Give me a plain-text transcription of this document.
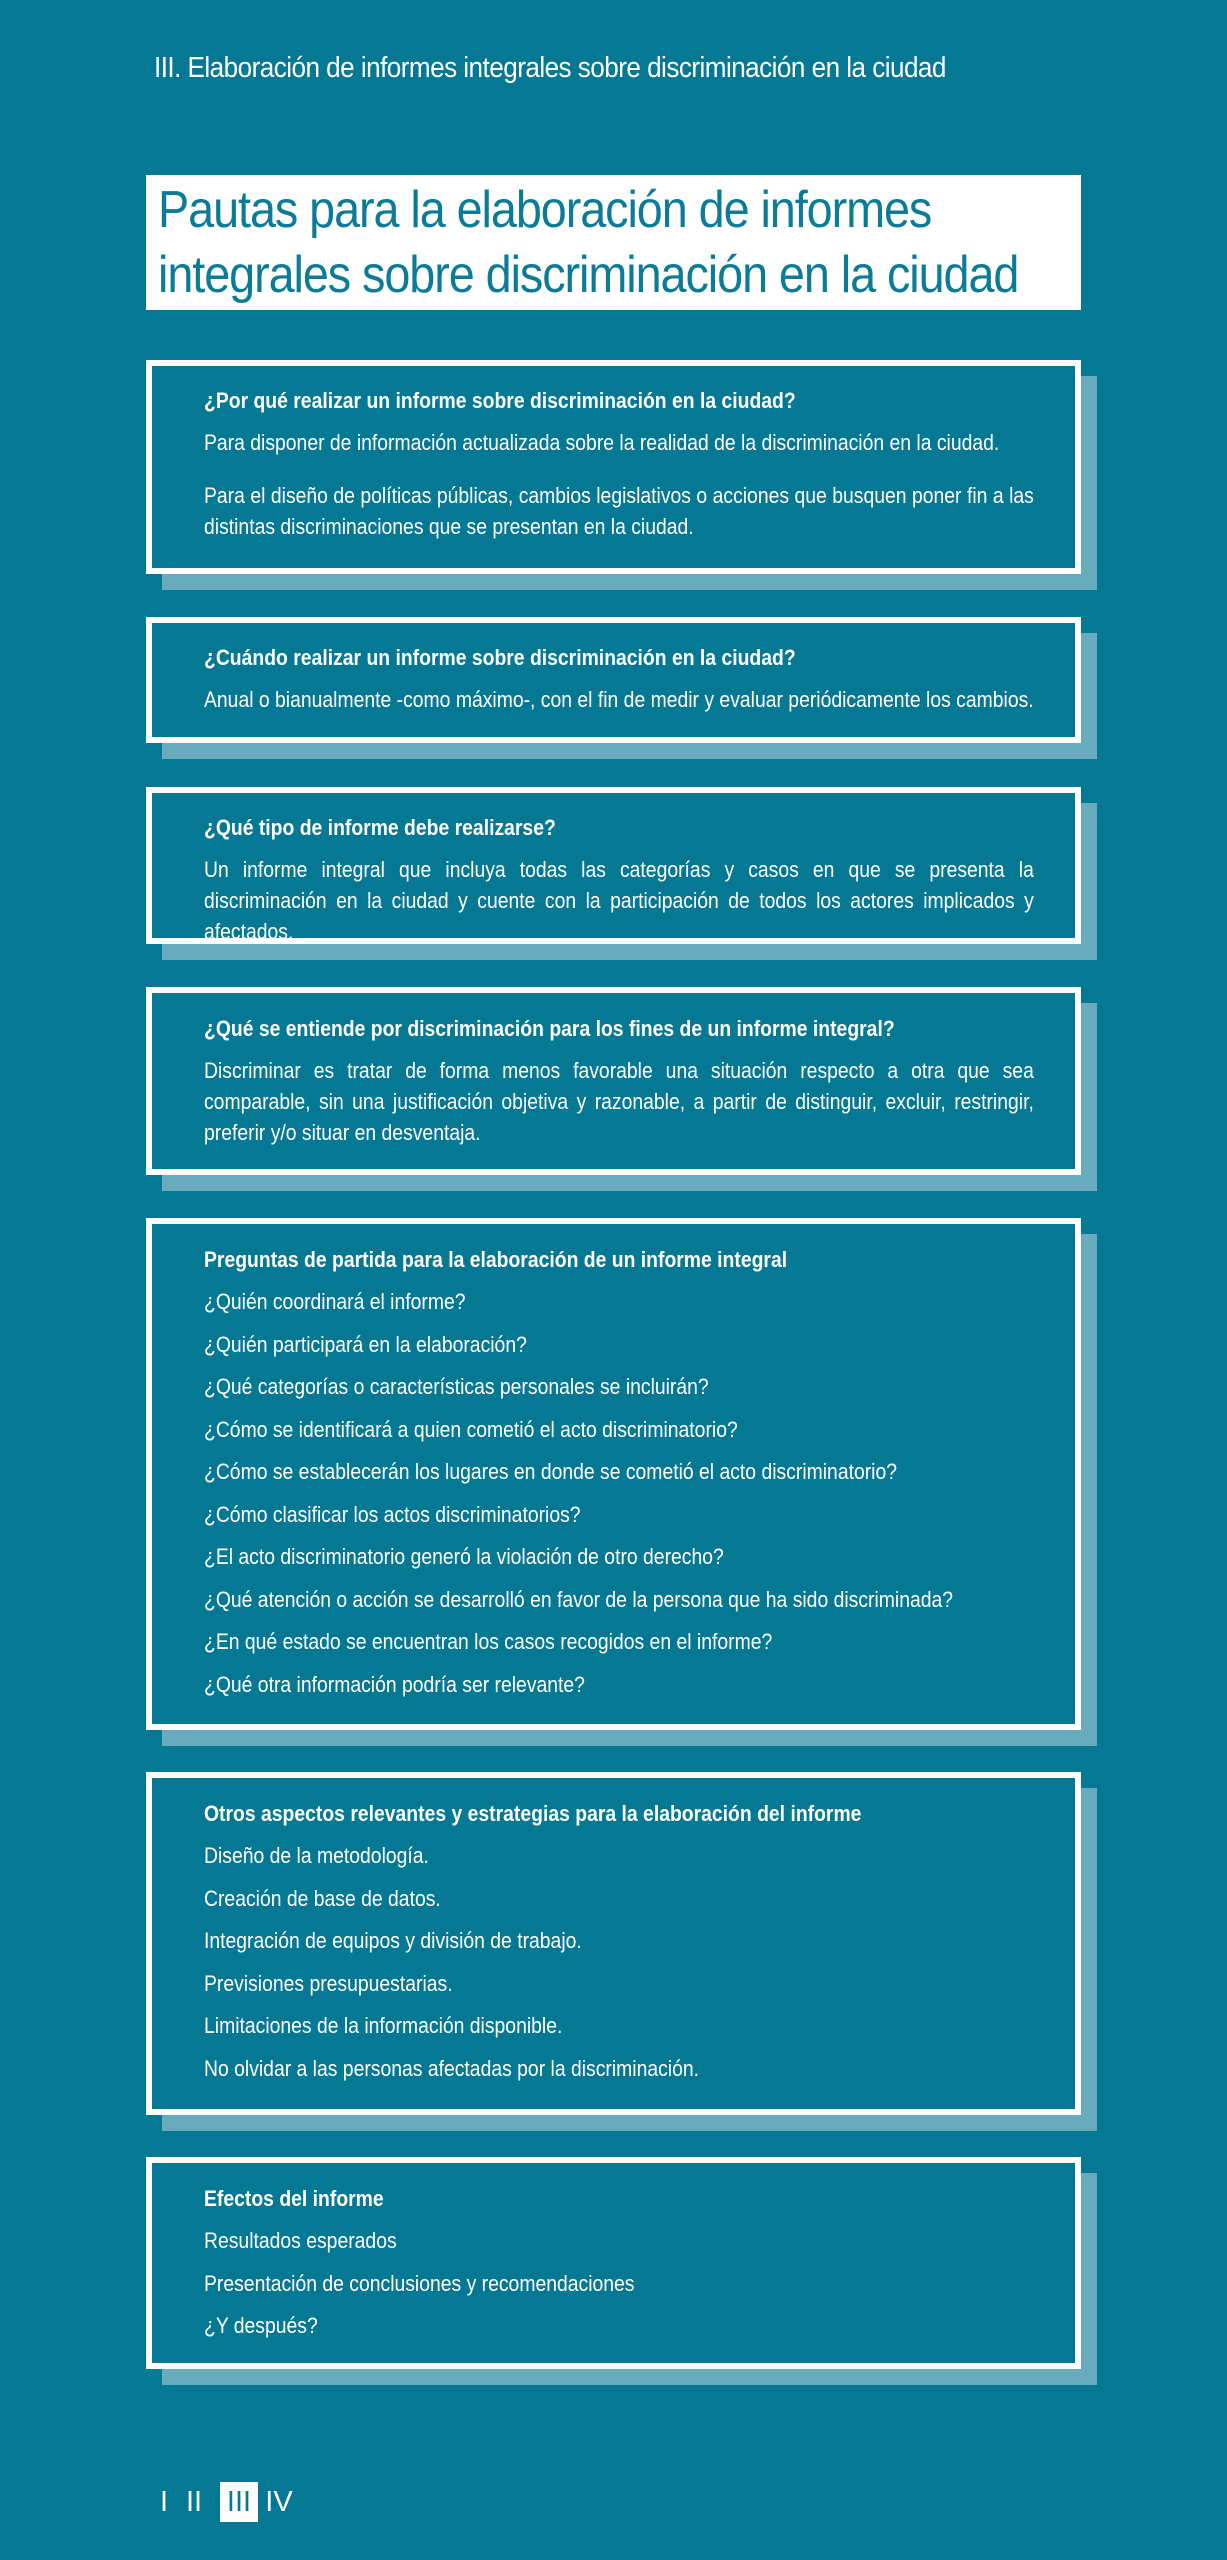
III. Elaboración de informes integrales sobre discriminación en la ciudad
Pautas para la elaboración de informes
integrales sobre discriminación en la ciudad
¿Por qué realizar un informe sobre discriminación en la ciudad?
Para disponer de información actualizada sobre la realidad de la discriminación en la ciudad.
Para el diseño de políticas públicas, cambios legislativos o acciones que busquen poner fin a las distintas discriminaciones que se presentan en la ciudad.
¿Cuándo realizar un informe sobre discriminación en la ciudad?
Anual o bianualmente -como máximo-, con el fin de medir y evaluar periódicamente los cambios.
¿Qué tipo de informe debe realizarse?
Un informe integral que incluya todas las categorías y casos en que se presenta la discriminación en la ciudad y cuente con la participación de todos los actores implicados y afectados.
¿Qué se entiende por discriminación para los fines de un informe integral?
Discriminar es tratar de forma menos favorable una situación respecto a otra que sea comparable, sin una justificación objetiva y razonable, a partir de distinguir, excluir, restringir, preferir y/o situar en desventaja.
Preguntas de partida para la elaboración de un informe integral
¿Quién coordinará el informe?
¿Quién participará en la elaboración?
¿Qué categorías o características personales se incluirán?
¿Cómo se identificará a quien cometió el acto discriminatorio?
¿Cómo se establecerán los lugares en donde se cometió el acto discriminatorio?
¿Cómo clasificar los actos discriminatorios?
¿El acto discriminatorio generó la violación de otro derecho?
¿Qué atención o acción se desarrolló en favor de la persona que ha sido discriminada?
¿En qué estado se encuentran los casos recogidos en el informe?
¿Qué otra información podría ser relevante?
Otros aspectos relevantes y estrategias para la elaboración del informe
Diseño de la metodología.
Creación de base de datos.
Integración de equipos y división de trabajo.
Previsiones presupuestarias.
Limitaciones de la información disponible.
No olvidar a las personas afectadas por la discriminación.
Efectos del informe
Resultados esperados
Presentación de conclusiones y recomendaciones
¿Y después?
I II III IV
